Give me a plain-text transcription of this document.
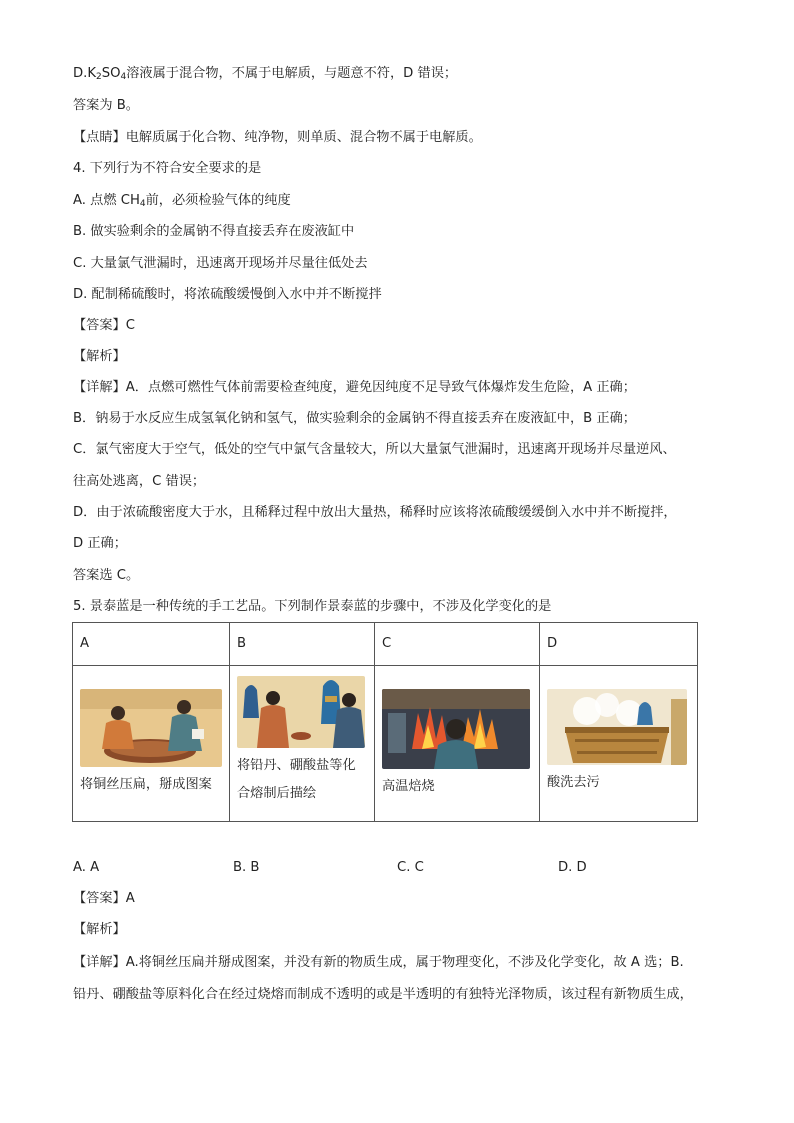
$D.K_2SO_4$溶液属于混合物，不属于电解质，与题意不符，D 错误；
答案为 B。
【点睛】电解质属于化合物、纯净物，则单质、混合物不属于电解质。
4. 下列行为不符合安全要求的是
A. 点燃 $CH_4$前，必须检验气体的纯度
B. 做实验剩余的金属钠不得直接丢弃在废液缸中
C. 大量氯气泄漏时，迅速离开现场并尽量往低处去
D. 配制稀硫酸时，将浓硫酸缓慢倒入水中并不断搅拌
【答案】C
【解析】
【详解】A．点燃可燃性气体前需要检查纯度，避免因纯度不足导致气体爆炸发生危险，A 正确；
B．钠易于水反应生成氢氧化钠和氢气，做实验剩余的金属钠不得直接丢弃在废液缸中，B 正确；
C．氯气密度大于空气，低处的空气中氯气含量较大，所以大量氯气泄漏时，迅速离开现场并尽量逆风、
往高处逃离，C 错误；
D．由于浓硫酸密度大于水，且稀释过程中放出大量热，稀释时应该将浓硫酸缓缓倒入水中并不断搅拌，
D 正确；
答案选 C。
5. 景泰蓝是一种传统的手工艺品。下列制作景泰蓝的步骤中，不涉及化学变化的是
A	B	C	D

将铜丝压扁，掰成图案	将铅丹、硼酸盐等化合熔制后描绘	高温焙烧	酸洗去污
A. A	B. B	C. C	D. D
【答案】A
【解析】
【详解】A.将铜丝压扁并掰成图案，并没有新的物质生成，属于物理变化，不涉及化学变化，故 A 选；B.
铅丹、硼酸盐等原料化合在经过烧熔而制成不透明的或是半透明的有独特光泽物质，该过程有新物质生成，
